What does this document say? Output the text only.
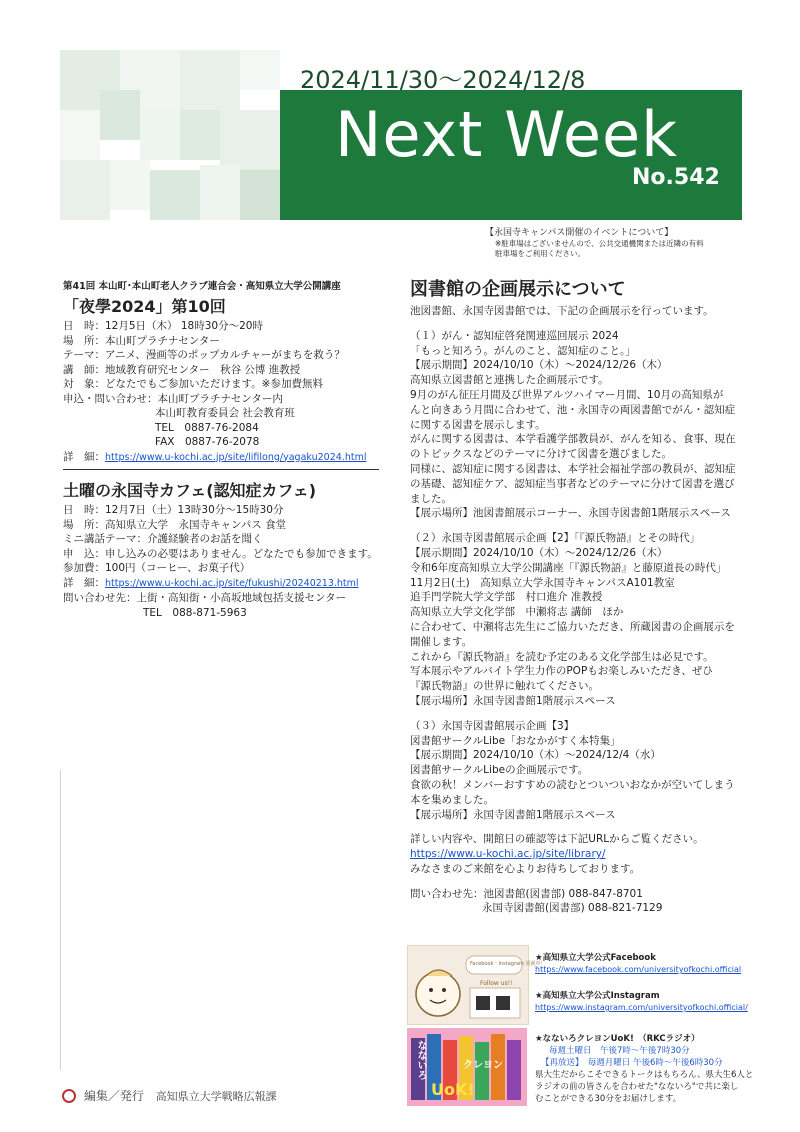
2024/11/30～2024/12/8
Next Week
No.542
【永国寺キャンパス開催のイベントについて】
※駐車場はございませんので、公共交通機関または近隣の有料
駐車場をご利用ください。
第41回 本山町･本山町老人クラブ連合会・高知県立大学公開講座
「夜學2024」第10回
日　時：12月5日（木） 18時30分～20時
場　所：本山町プラチナセンター
テーマ：アニメ、漫画等のポップカルチャーがまちを救う？
講　師：地域教育研究センター　秋谷 公博 進教授
対　象：どなたでもご参加いただけます。※参加費無料
申込・問い合わせ：本山町プラチナセンター内
本山町教育委員会 社会教育班
TEL　0887-76-2084
FAX　0887-76-2078
詳　細：https://www.u-kochi.ac.jp/site/lifilong/yagaku2024.html
土曜の永国寺カフェ(認知症カフェ)
日　時：12月7日（土）13時30分～15時30分
場　所：高知県立大学　永国寺キャンパス 食堂
ミニ講話テーマ：介護経験者のお話を聞く
申　込：申し込みの必要はありません。どなたでも参加できます。
参加費：100円（コーヒー、お菓子代）
詳　細：https://www.u-kochi.ac.jp/site/fukushi/20240213.html
問い合わせ先：上街・高知街・小高坂地域包括支援センター
TEL　088-871-5963
図書館の企画展示について
池図書館、永国寺図書館では、下記の企画展示を行っています。
（１）がん・認知症啓発関連巡回展示 2024
「もっと知ろう。がんのこと、認知症のこと。」
【展示期間】2024/10/10（木）～2024/12/26（木）
高知県立図書館と連携した企画展示です。
9月のがん征圧月間及び世界アルツハイマー月間、10月の高知県が
んと向きあう月間に合わせて、池・永国寺の両図書館でがん・認知症
に関する図書を展示します。
がんに関する図書は、本学看護学部教員が、がんを知る、食事、現在
のトピックスなどのテーマに分けて図書を選びました。
同様に、認知症に関する図書は、本学社会福祉学部の教員が、認知症
の基礎、認知症ケア、認知症当事者などのテーマに分けて図書を選び
ました。
【展示場所】池図書館展示コーナー、永国寺図書館1階展示スペース
（２）永国寺図書館展示企画【2】「『源氏物語』とその時代」
【展示期間】2024/10/10（木）～2024/12/26（木）
令和6年度高知県立大学公開講座「『源氏物語』と藤原道長の時代」
11月2日(土)　高知県立大学永国寺キャンパスA101教室
追手門学院大学文学部　村口進介 准教授
高知県立大学文化学部　中瀬将志 講師　ほか
に合わせて、中瀬将志先生にご協力いただき、所蔵図書の企画展示を
開催します。
これから『源氏物語』を読む予定のある文化学部生は必見です。
写本展示やアルバイト学生力作のPOPもお楽しみいただき、ぜひ
『源氏物語』の世界に触れてください。
【展示場所】永国寺図書館1階展示スペース
（３）永国寺図書館展示企画【3】
図書館サークルLibe「おなかがすく本特集」
【展示期間】2024/10/10（木）～2024/12/4（水）
図書館サークルLibeの企画展示です。
食欲の秋！メンバーおすすめの読むとついついおなかが空いてしまう
本を集めました。
【展示場所】永国寺図書館1階展示スペース
詳しい内容や、開館日の確認等は下記URLからご覧ください。
https://www.u-kochi.ac.jp/site/library/
みなさまのご来館を心よりお待ちしております。
問い合わせ先：池図書館(図書部) 088-847-8701
永国寺図書館(図書部) 088-821-7129
Facebook・Instagram 更新中！
Follow us!!
★高知県立大学公式Facebook
https://www.facebook.com/universityofkochi.official
★高知県立大学公式Instagram
https://www.instagram.com/universityofkochi.official/
なないろ	クレヨン
UoK!
★なないろクレヨンUoK!　（RKCラジオ）
毎週土曜日　午後7時～午後7時30分
【再放送】　毎週月曜日 午後6時～午後6時30分
県大生だからこそできるトークはもちろん、県大生6人と
ラジオの前の皆さんを合わせた"なないろ"で共に楽し
むことができる30分をお届けします。
編集／発行 高知県立大学戦略広報課
